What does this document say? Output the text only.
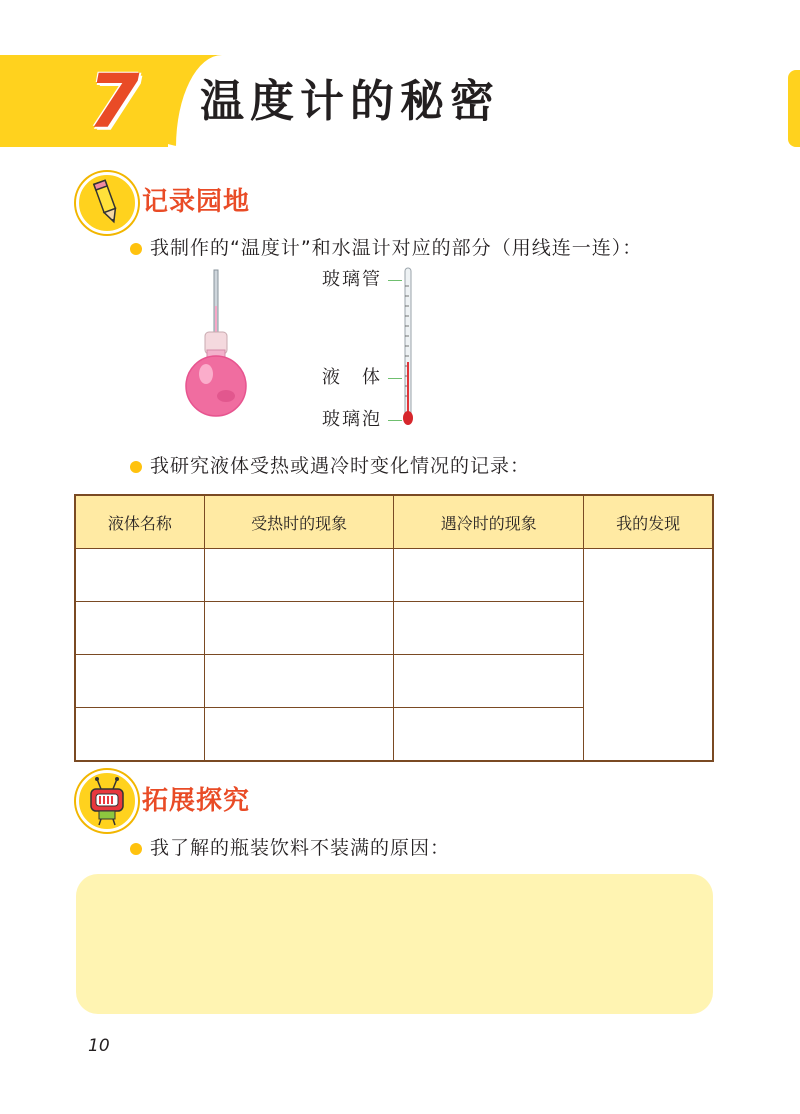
7	温度计的秘密
记录园地
我制作的“温度计”和水温计对应的部分（用线连一连）：
玻璃管
液　体
玻璃泡
我研究液体受热或遇冷时变化情况的记录：
液体名称	受热时的现象	遇冷时的现象	我的发现

拓展探究
我了解的瓶装饮料不装满的原因：
10
